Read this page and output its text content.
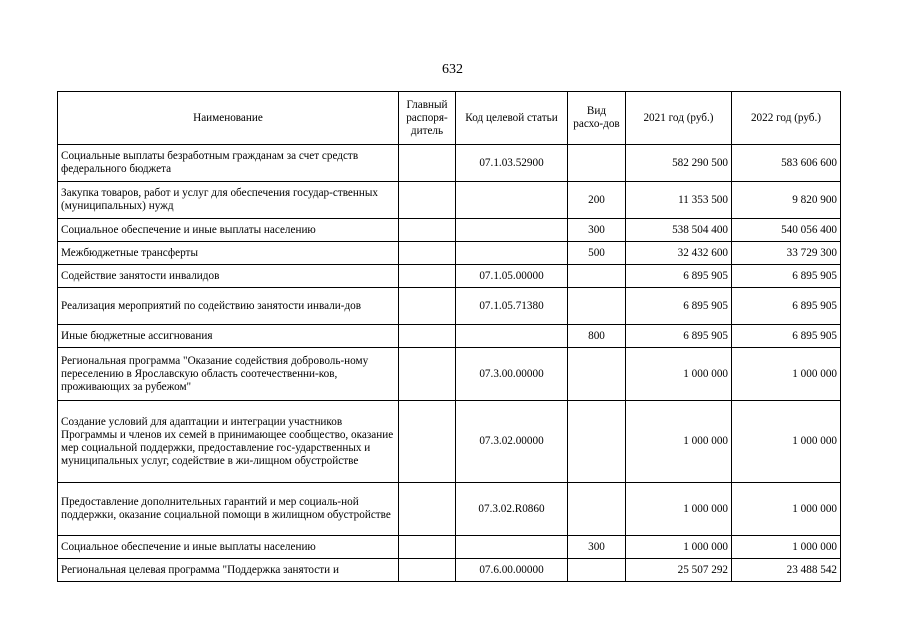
632
Наименование	Главный распоря-дитель	Код целевой статьи	Вид расхо-дов	2021 год (руб.)	2022 год (руб.)
Социальные выплаты безработным гражданам за счет средств федерального бюджета		07.1.03.52900		582 290 500	583 606 600
Закупка товаров, работ и услуг для обеспечения государ-ственных (муниципальных) нужд			200	11 353 500	9 820 900
Социальное обеспечение и иные выплаты населению			300	538 504 400	540 056 400
Межбюджетные трансферты			500	32 432 600	33 729 300
Содействие занятости инвалидов		07.1.05.00000		6 895 905	6 895 905
Реализация мероприятий по содействию занятости инвали-дов		07.1.05.71380		6 895 905	6 895 905
Иные бюджетные ассигнования			800	6 895 905	6 895 905
Региональная программа "Оказание содействия доброволь-ному переселению в Ярославскую область соотечественни-ков, проживающих за рубежом"		07.3.00.00000		1 000 000	1 000 000
Создание условий для адаптации и интеграции участников Программы и членов их семей в принимающее сообщество, оказание мер социальной поддержки, предоставление гос-ударственных и муниципальных услуг, содействие в жи-лищном обустройстве		07.3.02.00000		1 000 000	1 000 000
Предоставление дополнительных гарантий и мер социаль-ной поддержки, оказание социальной помощи в жилищном обустройстве		07.3.02.R0860		1 000 000	1 000 000
Социальное обеспечение и иные выплаты населению			300	1 000 000	1 000 000
Региональная целевая программа "Поддержка занятости и		07.6.00.00000		25 507 292	23 488 542
